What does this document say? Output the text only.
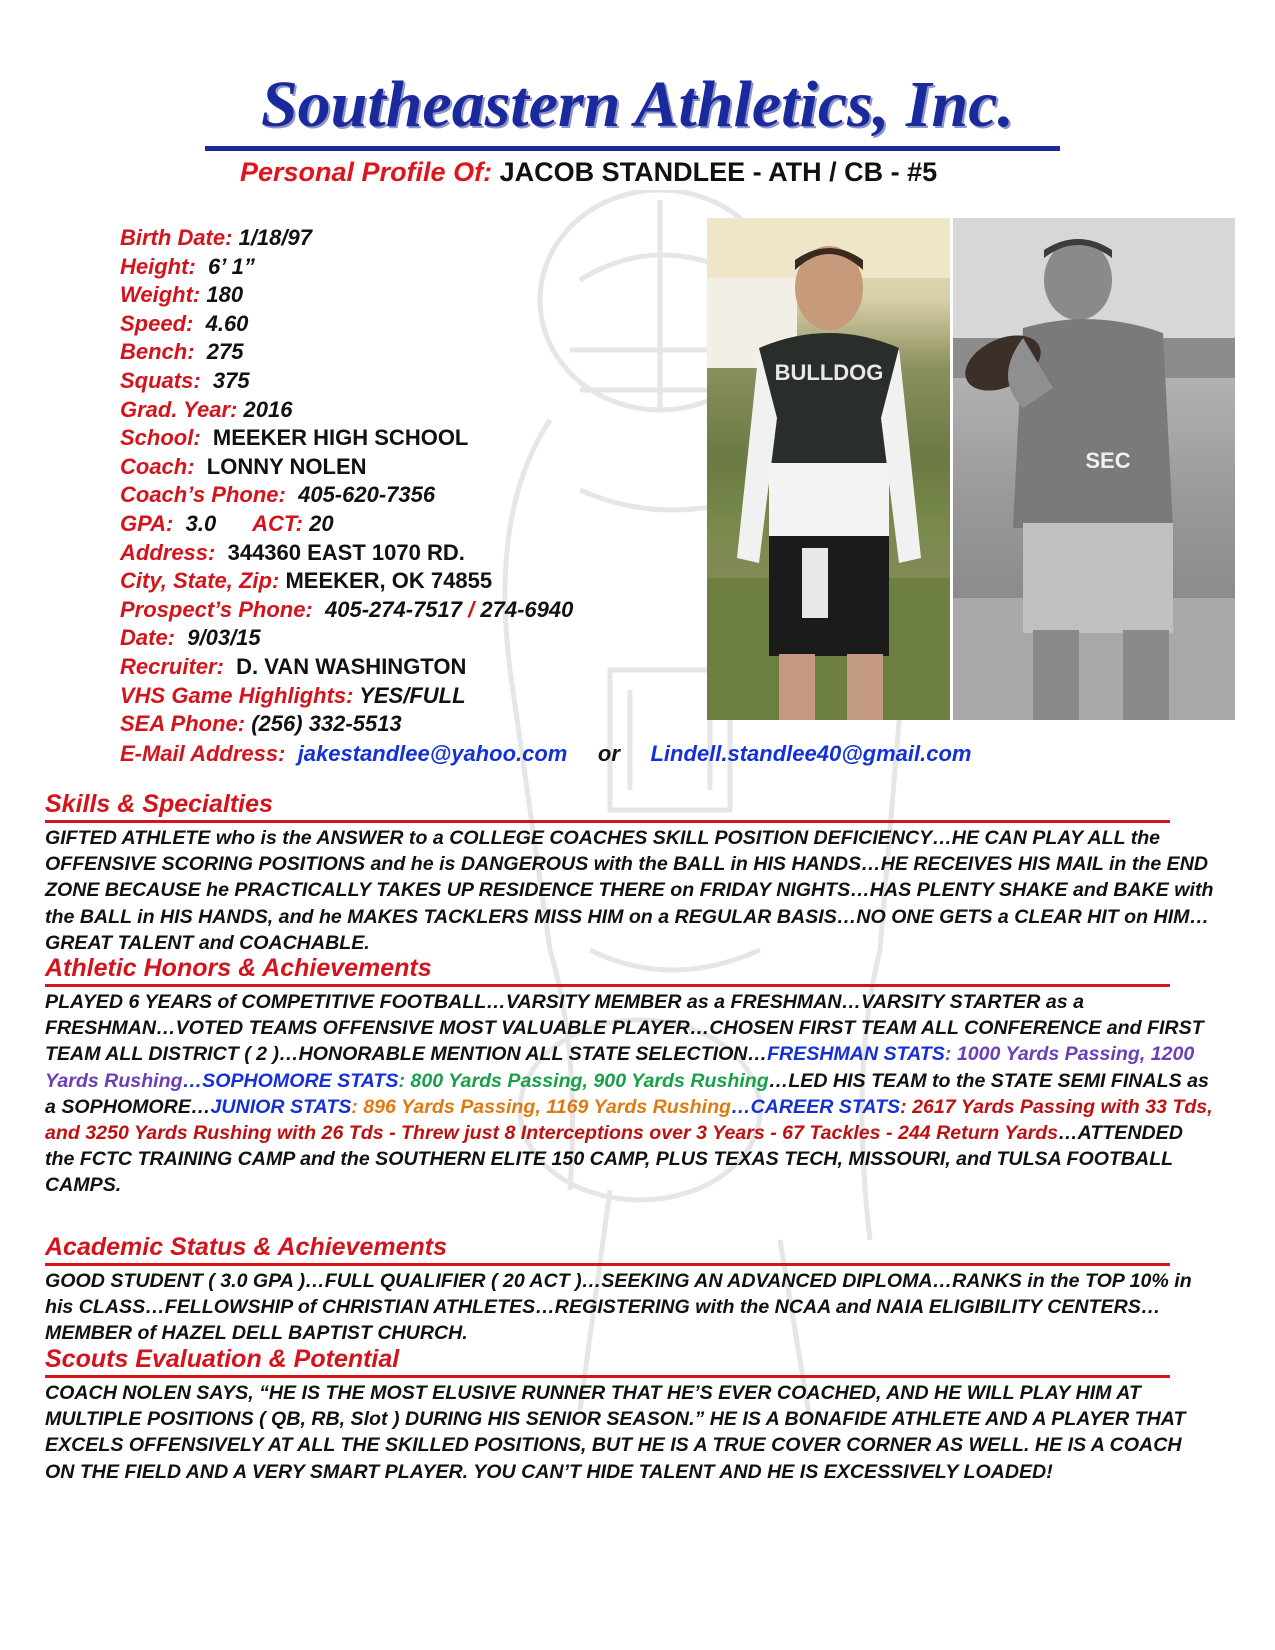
Southeastern Athletics, Inc.
Personal Profile Of: JACOB STANDLEE - ATH / CB - #5
Birth Date: 1/18/97
Height: 6’ 1”
Weight: 180
Speed: 4.60
Bench: 275
Squats: 375
Grad. Year: 2016
School: MEEKER HIGH SCHOOL
Coach: LONNY NOLEN
Coach’s Phone: 405-620-7356
GPA: 3.0 ACT: 20
Address: 344360 EAST 1070 RD.
City, State, Zip: MEEKER, OK 74855
Prospect’s Phone: 405-274-7517 / 274-6940
Date: 9/03/15
Recruiter: D. VAN WASHINGTON
VHS Game Highlights: YES/FULL
SEA Phone: (256) 332-5513
BULLDOG
SEC
E-Mail Address: jakestandlee@yahoo.com or Lindell.standlee40@gmail.com
Skills & Specialties
GIFTED ATHLETE who is the ANSWER to a COLLEGE COACHES SKILL POSITION DEFICIENCY…HE CAN PLAY ALL the OFFENSIVE SCORING POSITIONS and he is DANGEROUS with the BALL in HIS HANDS…HE RECEIVES HIS MAIL in the END ZONE BECAUSE he PRACTICALLY TAKES UP RESIDENCE THERE on FRIDAY NIGHTS…HAS PLENTY SHAKE and BAKE with the BALL in HIS HANDS, and he MAKES TACKLERS MISS HIM on a REGULAR BASIS…NO ONE GETS a CLEAR HIT on HIM…GREAT TALENT and COACHABLE.
Athletic Honors & Achievements
PLAYED 6 YEARS of COMPETITIVE FOOTBALL…VARSITY MEMBER as a FRESHMAN…VARSITY STARTER as a FRESHMAN…VOTED TEAMS OFFENSIVE MOST VALUABLE PLAYER…CHOSEN FIRST TEAM ALL CONFERENCE and FIRST TEAM ALL DISTRICT ( 2 )…HONORABLE MENTION ALL STATE SELECTION…FRESHMAN STATS: 1000 Yards Passing, 1200 Yards Rushing…SOPHOMORE STATS: 800 Yards Passing, 900 Yards Rushing…LED HIS TEAM to the STATE SEMI FINALS as a SOPHOMORE…JUNIOR STATS: 896 Yards Passing, 1169 Yards Rushing…CAREER STATS: 2617 Yards Passing with 33 Tds, and 3250 Yards Rushing with 26 Tds - Threw just 8 Interceptions over 3 Years - 67 Tackles - 244 Return Yards…ATTENDED the FCTC TRAINING CAMP and the SOUTHERN ELITE 150 CAMP, PLUS TEXAS TECH, MISSOURI, and TULSA FOOTBALL CAMPS.
Academic Status & Achievements
GOOD STUDENT ( 3.0 GPA )…FULL QUALIFIER ( 20 ACT )…SEEKING AN ADVANCED DIPLOMA…RANKS in the TOP 10% in his CLASS…FELLOWSHIP of CHRISTIAN ATHLETES…REGISTERING with the NCAA and NAIA ELIGIBILITY CENTERS…MEMBER of HAZEL DELL BAPTIST CHURCH.
Scouts Evaluation & Potential
COACH NOLEN SAYS, “HE IS THE MOST ELUSIVE RUNNER THAT HE’S EVER COACHED, AND HE WILL PLAY HIM AT MULTIPLE POSITIONS ( QB, RB, Slot ) DURING HIS SENIOR SEASON.” HE IS A BONAFIDE ATHLETE AND A PLAYER THAT EXCELS OFFENSIVELY AT ALL THE SKILLED POSITIONS, BUT HE IS A TRUE COVER CORNER AS WELL. HE IS A COACH ON THE FIELD AND A VERY SMART PLAYER. YOU CAN’T HIDE TALENT AND HE IS EXCESSIVELY LOADED!
